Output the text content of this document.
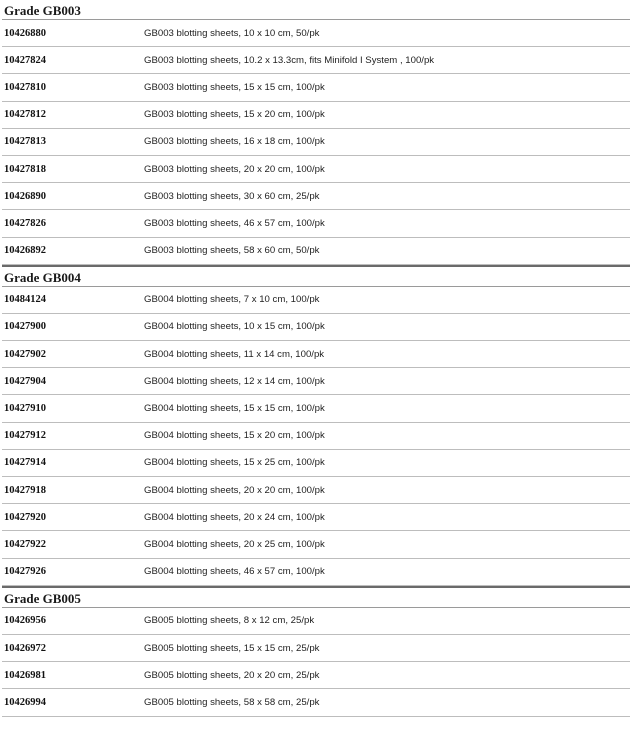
Grade GB003
10426880	GB003 blotting sheets, 10 x 10 cm, 50/pk
10427824	GB003 blotting sheets, 10.2 x 13.3cm, fits Minifold I System , 100/pk
10427810	GB003 blotting sheets, 15 x 15 cm, 100/pk
10427812	GB003 blotting sheets, 15 x 20 cm, 100/pk
10427813	GB003 blotting sheets, 16 x 18 cm, 100/pk
10427818	GB003 blotting sheets, 20 x 20 cm, 100/pk
10426890	GB003 blotting sheets, 30 x 60 cm, 25/pk
10427826	GB003 blotting sheets, 46 x 57 cm, 100/pk
10426892	GB003 blotting sheets, 58 x 60 cm, 50/pk
Grade GB004
10484124	GB004 blotting sheets, 7 x 10 cm, 100/pk
10427900	GB004 blotting sheets, 10 x 15 cm, 100/pk
10427902	GB004 blotting sheets, 11 x 14 cm, 100/pk
10427904	GB004 blotting sheets, 12 x 14 cm, 100/pk
10427910	GB004 blotting sheets, 15 x 15 cm, 100/pk
10427912	GB004 blotting sheets, 15 x 20 cm, 100/pk
10427914	GB004 blotting sheets, 15 x 25 cm, 100/pk
10427918	GB004 blotting sheets, 20 x 20 cm, 100/pk
10427920	GB004 blotting sheets, 20 x 24 cm, 100/pk
10427922	GB004 blotting sheets, 20 x 25 cm, 100/pk
10427926	GB004 blotting sheets, 46 x 57 cm, 100/pk
Grade GB005
10426956	GB005 blotting sheets, 8 x 12 cm, 25/pk
10426972	GB005 blotting sheets, 15 x 15 cm, 25/pk
10426981	GB005 blotting sheets, 20 x 20 cm, 25/pk
10426994	GB005 blotting sheets, 58 x 58 cm, 25/pk
